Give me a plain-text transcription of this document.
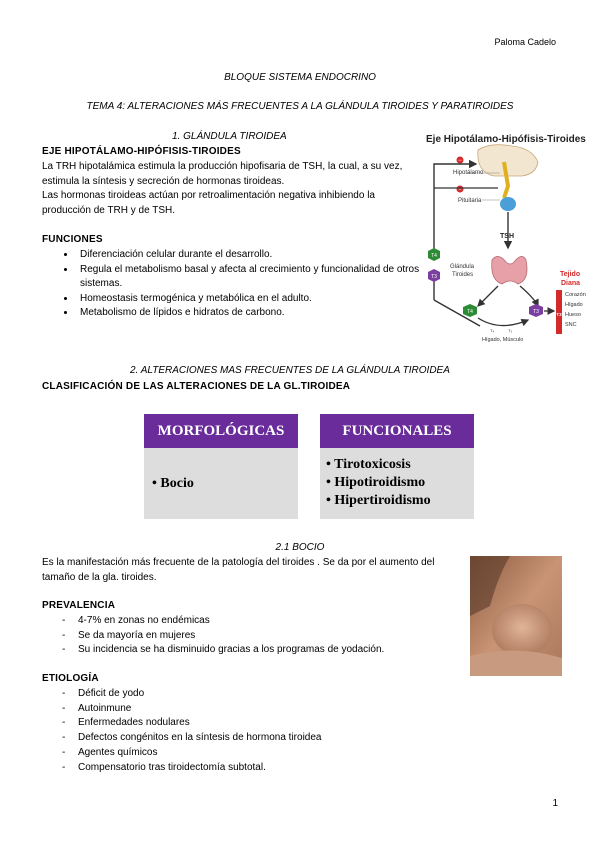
Paloma Cadelo
BLOQUE SISTEMA ENDOCRINO
TEMA 4: ALTERACIONES MÁS FRECUENTES A LA GLÁNDULA TIROIDES Y PARATIROIDES
1. GLÁNDULA TIROIDEA
EJE HIPOTÁLAMO-HIPÓFISIS-TIROIDES
La TRH hipotalámica estimula la producción hipofisaria de TSH, la cual, a su vez, estimula la síntesis y secreción de hormonas tiroideas.
Las hormonas tiroideas actúan por retroalimentación negativa inhibiendo la producción de TRH y de TSH.
FUNCIONES
• Diferenciación celular durante el desarrollo.
• Regula el metabolismo basal y afecta al crecimiento y funcionalidad de otros sistemas.
• Homeostasis termogénica y metabólica en el adulto.
• Metabolismo de lípidos e hidratos de carbono.
Eje Hipotálamo-Hipófisis-Tiroides
−
Hipotálamo
−
Pituitaria
TSH
Glándula
Tiroides
T4
T3
T4	T3
T₄	T₃
Hígado, Músculo
T3
Tejido
Diana
Corazón
Hígado
Hueso
SNC
2. ALTERACIONES MAS FRECUENTES DE LA GLÁNDULA TIROIDEA
CLASIFICACIÓN DE LAS ALTERACIONES DE LA GL.TIROIDEA
MORFOLÓGICAS
• Bocio
FUNCIONALES
• Tirotoxicosis
• Hipotiroidismo
• Hipertiroidismo
2.1 BOCIO
Es la manifestación más frecuente de la patología del tiroides . Se da por el aumento del tamaño de la gla. tiroides.
PREVALENCIA
- 4-7% en zonas no endémicas
- Se da mayoría en mujeres
- Su incidencia se ha disminuido gracias a los programas de yodación.
ETIOLOGÍA
- Déficit de yodo
- Autoinmune
- Enfermedades nodulares
- Defectos congénitos en la síntesis de hormona tiroidea
- Agentes químicos
- Compensatorio tras tiroidectomía subtotal.
1
